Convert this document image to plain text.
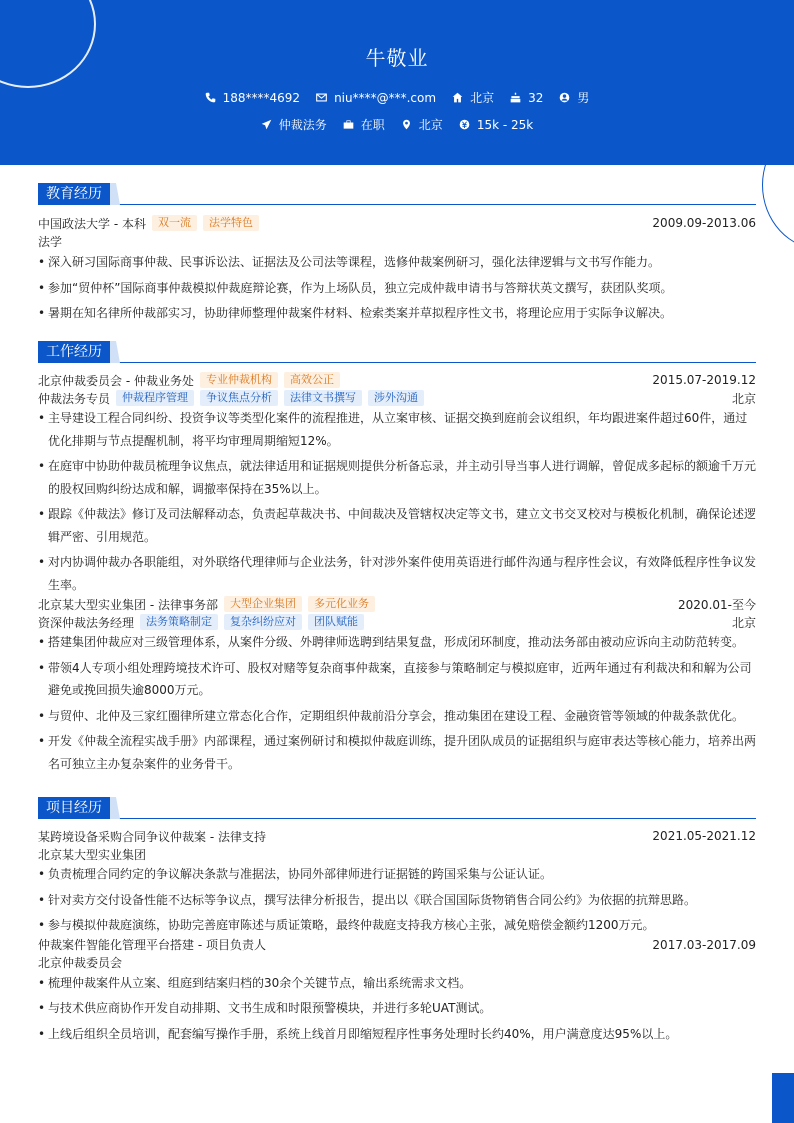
牛敬业
188****4692	niu****@***.com	北京	32	男
仲裁法务	在职	北京	15k - 25k
教育经历
中国政法大学 - 本科	双一流	法学特色	2009.09-2013.06
法学
• 深入研习国际商事仲裁、民事诉讼法、证据法及公司法等课程，选修仲裁案例研习，强化法律逻辑与文书写作能力。
• 参加“贸仲杯”国际商事仲裁模拟仲裁庭辩论赛，作为上场队员，独立完成仲裁申请书与答辩状英文撰写，获团队奖项。
• 暑期在知名律所仲裁部实习，协助律师整理仲裁案件材料、检索类案并草拟程序性文书，将理论应用于实际争议解决。
工作经历
北京仲裁委员会 - 仲裁业务处	专业仲裁机构	高效公正	2015.07-2019.12
仲裁法务专员	仲裁程序管理	争议焦点分析	法律文书撰写	涉外沟通	北京
• 主导建设工程合同纠纷、投资争议等类型化案件的流程推进，从立案审核、证据交换到庭前会议组织，年均跟进案件超过60件，通过优化排期与节点提醒机制，将平均审理周期缩短12%。
• 在庭审中协助仲裁员梳理争议焦点，就法律适用和证据规则提供分析备忘录，并主动引导当事人进行调解，曾促成多起标的额逾千万元的股权回购纠纷达成和解，调撤率保持在35%以上。
• 跟踪《仲裁法》修订及司法解释动态，负责起草裁决书、中间裁决及管辖权决定等文书，建立文书交叉校对与模板化机制，确保论述逻辑严密、引用规范。
• 对内协调仲裁办各职能组，对外联络代理律师与企业法务，针对涉外案件使用英语进行邮件沟通与程序性会议，有效降低程序性争议发生率。
北京某大型实业集团 - 法律事务部	大型企业集团	多元化业务	2020.01-至今
资深仲裁法务经理	法务策略制定	复杂纠纷应对	团队赋能	北京
• 搭建集团仲裁应对三级管理体系，从案件分级、外聘律师选聘到结果复盘，形成闭环制度，推动法务部由被动应诉向主动防范转变。
• 带领4人专项小组处理跨境技术许可、股权对赌等复杂商事仲裁案，直接参与策略制定与模拟庭审，近两年通过有利裁决和和解为公司避免或挽回损失逾8000万元。
• 与贸仲、北仲及三家红圈律所建立常态化合作，定期组织仲裁前沿分享会，推动集团在建设工程、金融资管等领域的仲裁条款优化。
• 开发《仲裁全流程实战手册》内部课程，通过案例研讨和模拟仲裁庭训练，提升团队成员的证据组织与庭审表达等核心能力，培养出两名可独立主办复杂案件的业务骨干。
项目经历
某跨境设备采购合同争议仲裁案 - 法律支持	2021.05-2021.12
北京某大型实业集团
• 负责梳理合同约定的争议解决条款与准据法，协同外部律师进行证据链的跨国采集与公证认证。
• 针对卖方交付设备性能不达标等争议点，撰写法律分析报告，提出以《联合国国际货物销售合同公约》为依据的抗辩思路。
• 参与模拟仲裁庭演练，协助完善庭审陈述与质证策略，最终仲裁庭支持我方核心主张，减免赔偿金额约1200万元。
仲裁案件智能化管理平台搭建 - 项目负责人	2017.03-2017.09
北京仲裁委员会
• 梳理仲裁案件从立案、组庭到结案归档的30余个关键节点，输出系统需求文档。
• 与技术供应商协作开发自动排期、文书生成和时限预警模块，并进行多轮UAT测试。
• 上线后组织全员培训，配套编写操作手册，系统上线首月即缩短程序性事务处理时长约40%，用户满意度达95%以上。
